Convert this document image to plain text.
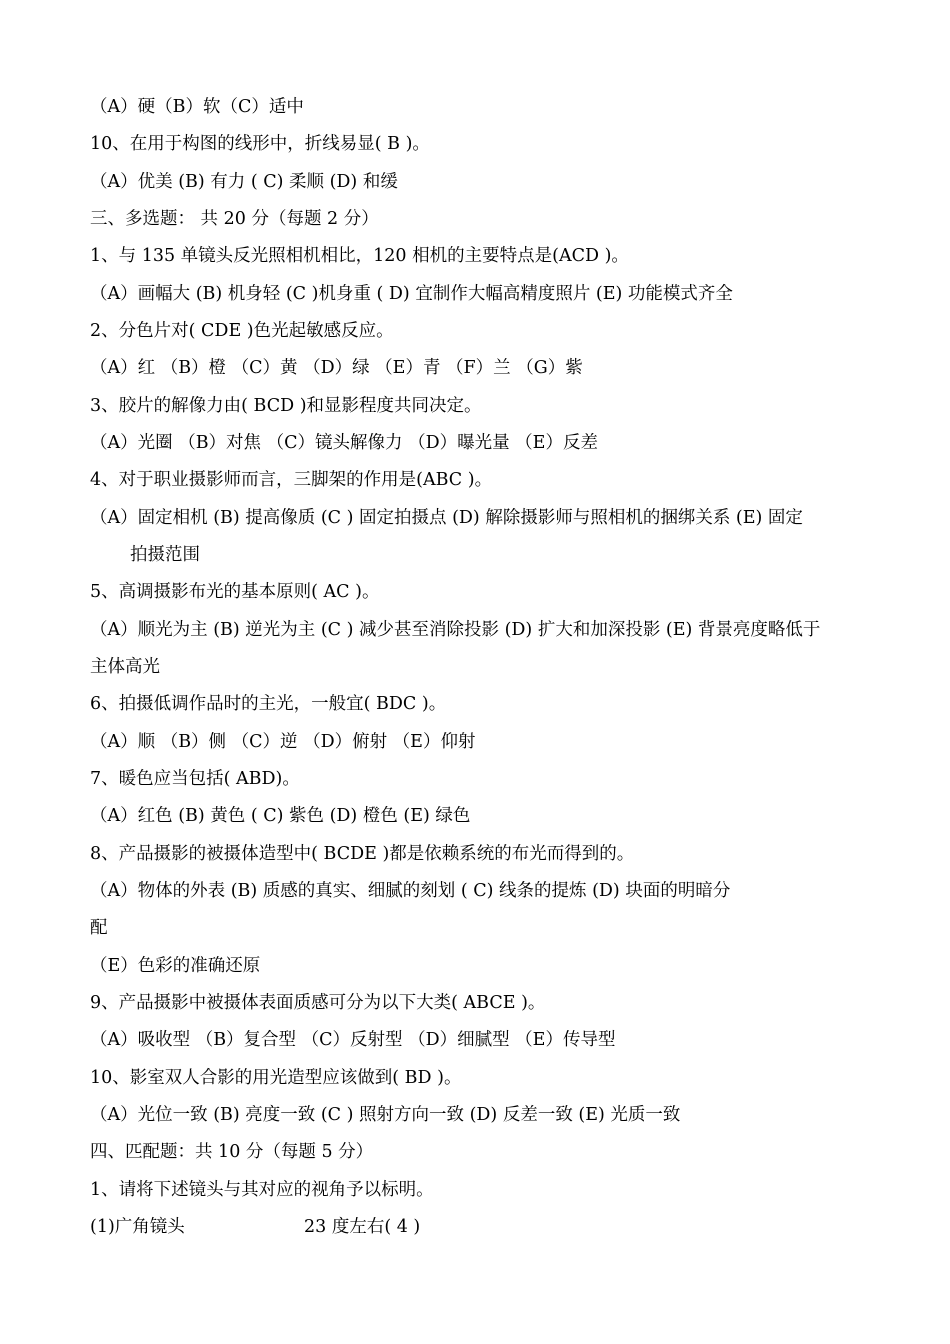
（A）硬（B）软（C）适中
10、在用于构图的线形中，折线易显( B )。
（A）优美 (B) 有力 ( C) 柔顺 (D) 和缓
三、多选题： 共 20 分（每题 2 分）
1、与 135 单镜头反光照相机相比，120 相机的主要特点是(ACD )。
（A）画幅大 (B) 机身轻 (C )机身重 ( D) 宜制作大幅高精度照片 (E) 功能模式齐全
2、分色片对( CDE )色光起敏感反应。
（A）红 （B）橙 （C）黄 （D）绿 （E）青 （F）兰 （G）紫
3、胶片的解像力由( BCD )和显影程度共同决定。
（A）光圈 （B）对焦 （C）镜头解像力 （D）曝光量 （E）反差
4、对于职业摄影师而言，三脚架的作用是(ABC )。
（A）固定相机 (B) 提高像质 (C ) 固定拍摄点 (D) 解除摄影师与照相机的捆绑关系 (E) 固定
拍摄范围
5、高调摄影布光的基本原则( AC )。
（A）顺光为主 (B) 逆光为主 (C ) 减少甚至消除投影 (D) 扩大和加深投影 (E) 背景亮度略低于
主体高光
6、拍摄低调作品时的主光，一般宜( BDC )。
（A）顺 （B）侧 （C）逆 （D）俯射 （E）仰射
7、暖色应当包括( ABD)。
（A）红色 (B) 黄色 ( C) 紫色 (D) 橙色 (E) 绿色
8、产品摄影的被摄体造型中( BCDE )都是依赖系统的布光而得到的。
（A）物体的外表 (B) 质感的真实、细腻的刻划 ( C) 线条的提炼 (D) 块面的明暗分
配
（E）色彩的准确还原
9、产品摄影中被摄体表面质感可分为以下大类( ABCE )。
（A）吸收型 （B）复合型 （C）反射型 （D）细腻型 （E）传导型
10、影室双人合影的用光造型应该做到( BD )。
（A）光位一致 (B) 亮度一致 (C ) 照射方向一致 (D) 反差一致 (E) 光质一致
四、匹配题：共 10 分（每题 5 分）
1、请将下述镜头与其对应的视角予以标明。
(1)广角镜头	23 度左右( 4 )
